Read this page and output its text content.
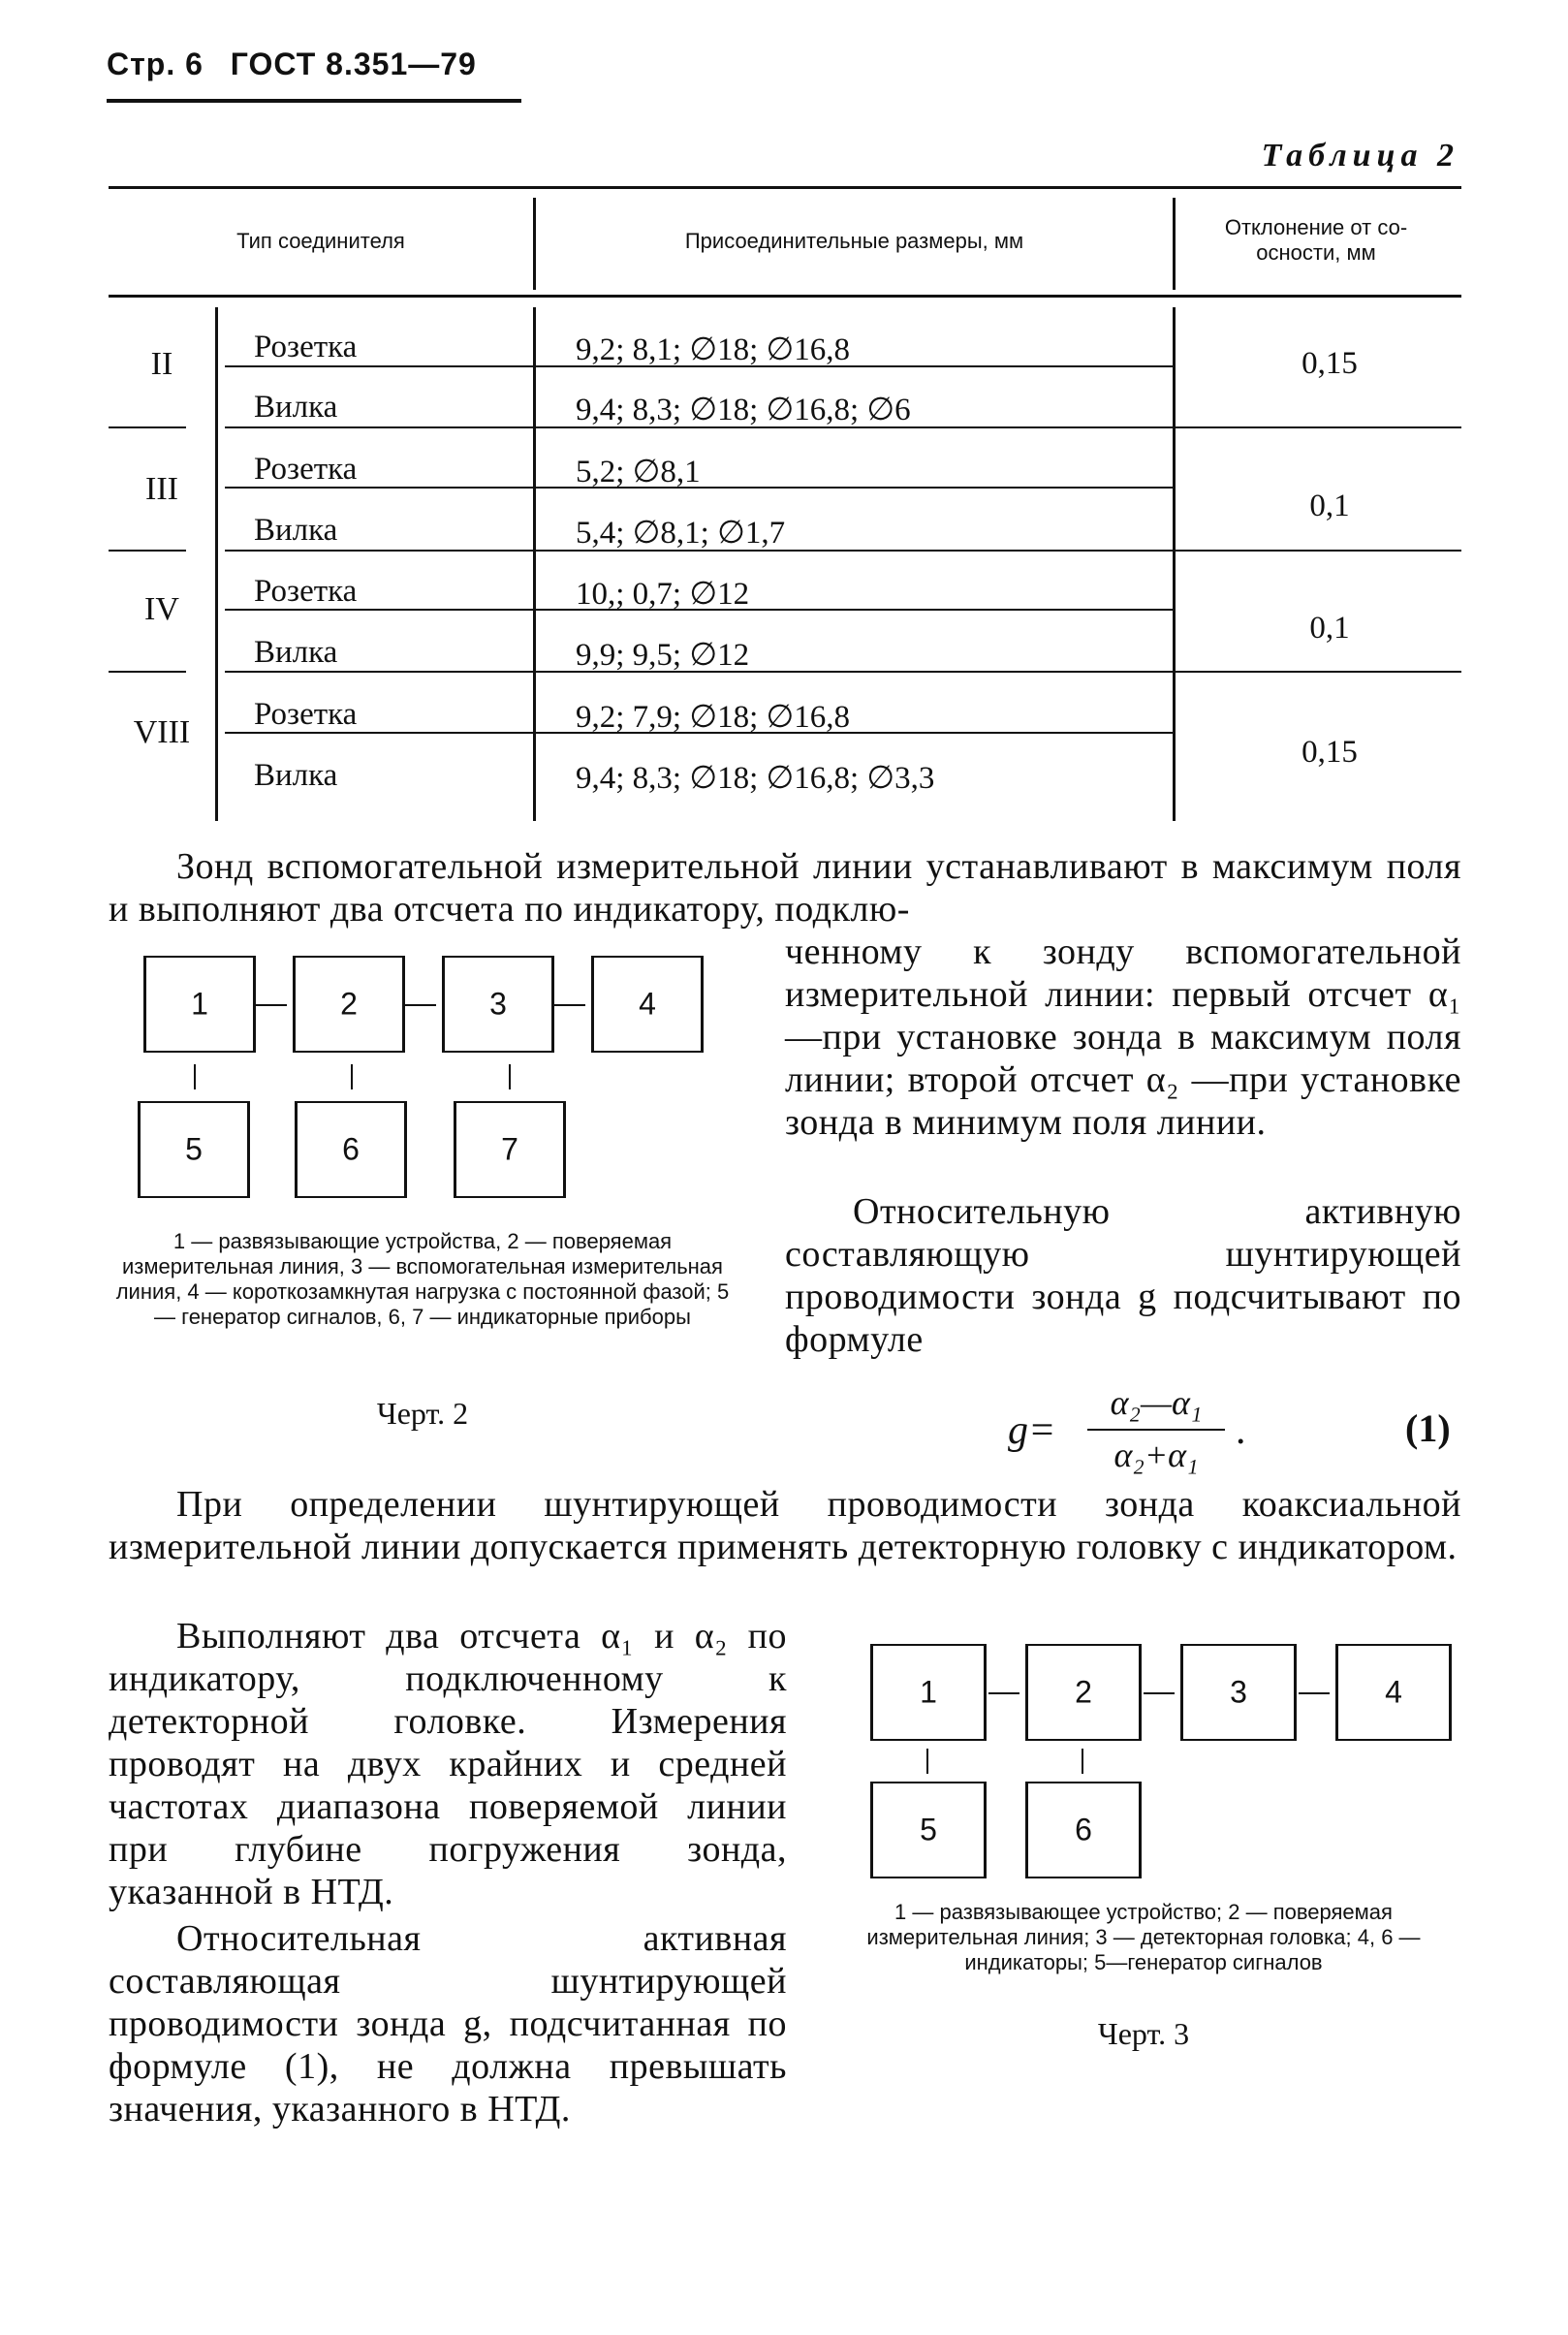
Стр. 6 ГОСТ 8.351—79
Таблица 2
Тип соединителя	Присоединительные размеры, мм
Отклонение от со-осности, мм
II	Розетка	9,2; 8,1; ∅18; ∅16,8
Вилка	9,4; 8,3; ∅18; ∅16,8; ∅6
0,15
III
Розетка	5,2; ∅8,1
Вилка	5,4; ∅8,1; ∅1,7
0,1
IV	Розетка	10,; 0,7; ∅12
Вилка	9,9; 9,5; ∅12
0,1
VIII	Розетка	9,2; 7,9; ∅18; ∅16,8
Вилка	9,4; 8,3; ∅18; ∅16,8; ∅3,3
0,15
Зонд вспомогательной измерительной линии устанавливают в максимум поля и выполняют два отсчета по индикатору, подклю-
1	2	3	4
5	6	7
1 — развязывающие устройства, 2 — поверяемая измерительная линия, 3 — вспомогательная измерительная линия, 4 — короткозамкнутая нагрузка с постоянной фазой; 5 — генератор сигналов, 6, 7 — индикаторные приборы
Черт. 2
ченному к зонду вспомогательной измерительной линии: первый отсчет α₁—при установке зонда в максимум поля линии; второй отсчет α₂ —при установке зонда в минимум поля линии.
Относительную активную составляющую шунтирующей проводимости зонда g подсчитывают по формуле
g=
α₂—α₁
α₂+α₁
.	(1)
При определении шунтирующей проводимости зонда коаксиальной измерительной линии допускается применять детекторную головку с индикатором.
Выполняют два отсчета α₁ и α₂ по индикатору, подключенному к детекторной головке. Измерения проводят на двух крайних и средней частотах диапазона поверяемой линии при глубине погружения зонда, указанной в НТД.
Относительная активная составляющая шунтирующей проводимости зонда g, подсчитанная по формуле (1), не должна превышать значения, указанного в НТД.
1	2	3	4
5	6
1 — развязывающее устройство; 2 — поверяемая измерительная линия; 3 — детекторная головка; 4, 6 — индикаторы; 5—генератор сигналов
Черт. 3
